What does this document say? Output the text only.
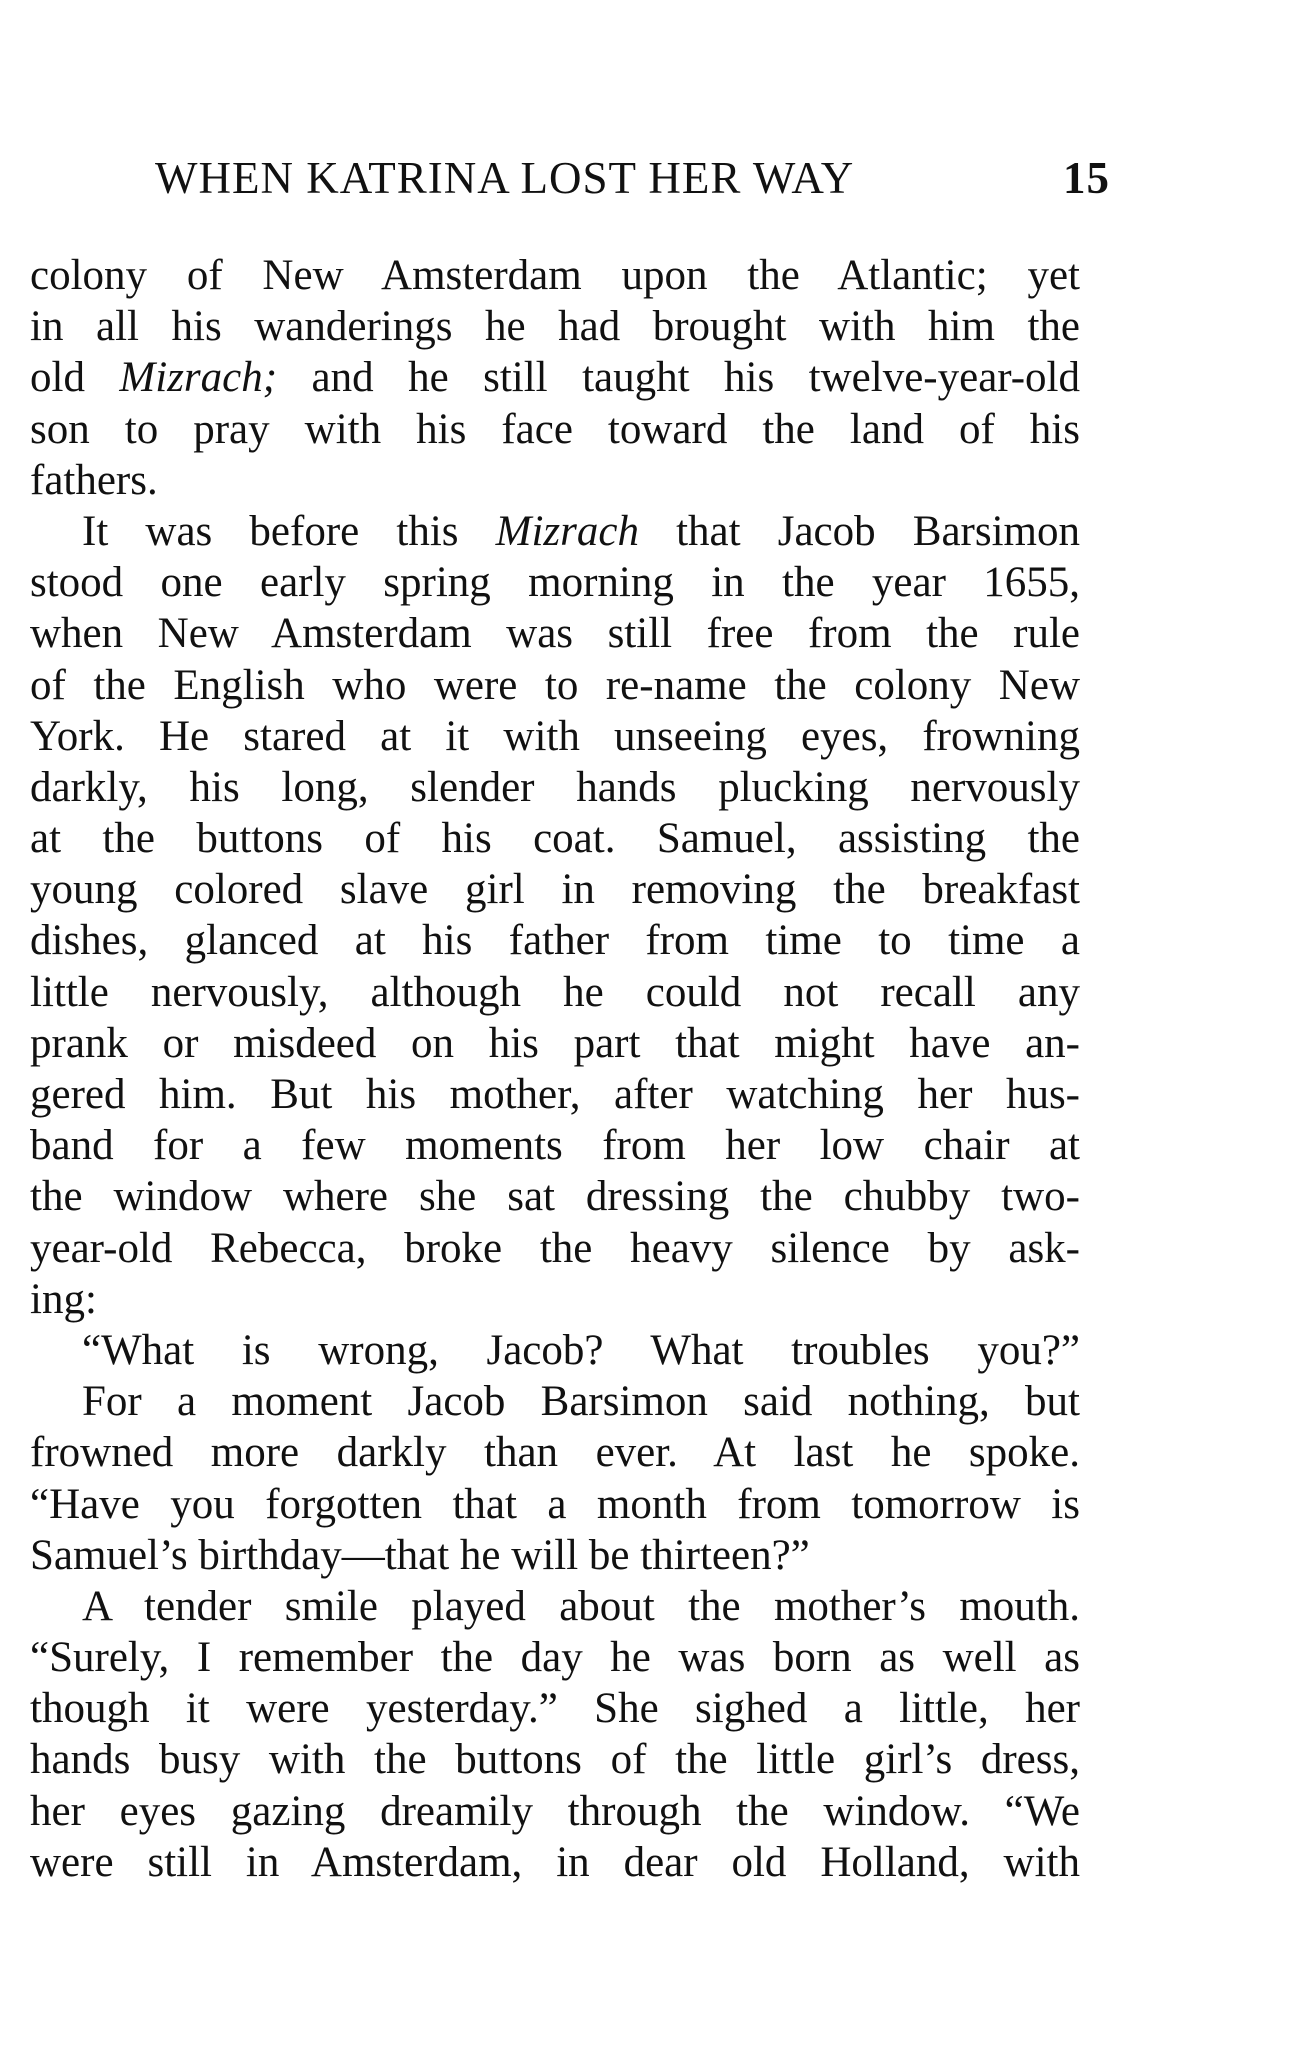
WHEN KATRINA LOST HER WAY	15
colony of New Amsterdam upon the Atlantic; yet
in all his wanderings he had brought with him the
old Mizrach; and he still taught his twelve-year-old
son to pray with his face toward the land of his
fathers.
It was before this Mizrach that Jacob Barsimon
stood one early spring morning in the year 1655,
when New Amsterdam was still free from the rule
of the English who were to re-name the colony New
York. He stared at it with unseeing eyes, frowning
darkly, his long, slender hands plucking nervously
at the buttons of his coat. Samuel, assisting the
young colored slave girl in removing the breakfast
dishes, glanced at his father from time to time a
little nervously, although he could not recall any
prank or misdeed on his part that might have an-
gered him. But his mother, after watching her hus-
band for a few moments from her low chair at
the window where she sat dressing the chubby two-
year-old Rebecca, broke the heavy silence by ask-
ing:
“What is wrong, Jacob? What troubles you?”
For a moment Jacob Barsimon said nothing, but
frowned more darkly than ever. At last he spoke.
“Have you forgotten that a month from tomorrow is
Samuel’s birthday—that he will be thirteen?”
A tender smile played about the mother’s mouth.
“Surely, I remember the day he was born as well as
though it were yesterday.” She sighed a little, her
hands busy with the buttons of the little girl’s dress,
her eyes gazing dreamily through the window. “We
were still in Amsterdam, in dear old Holland, with
